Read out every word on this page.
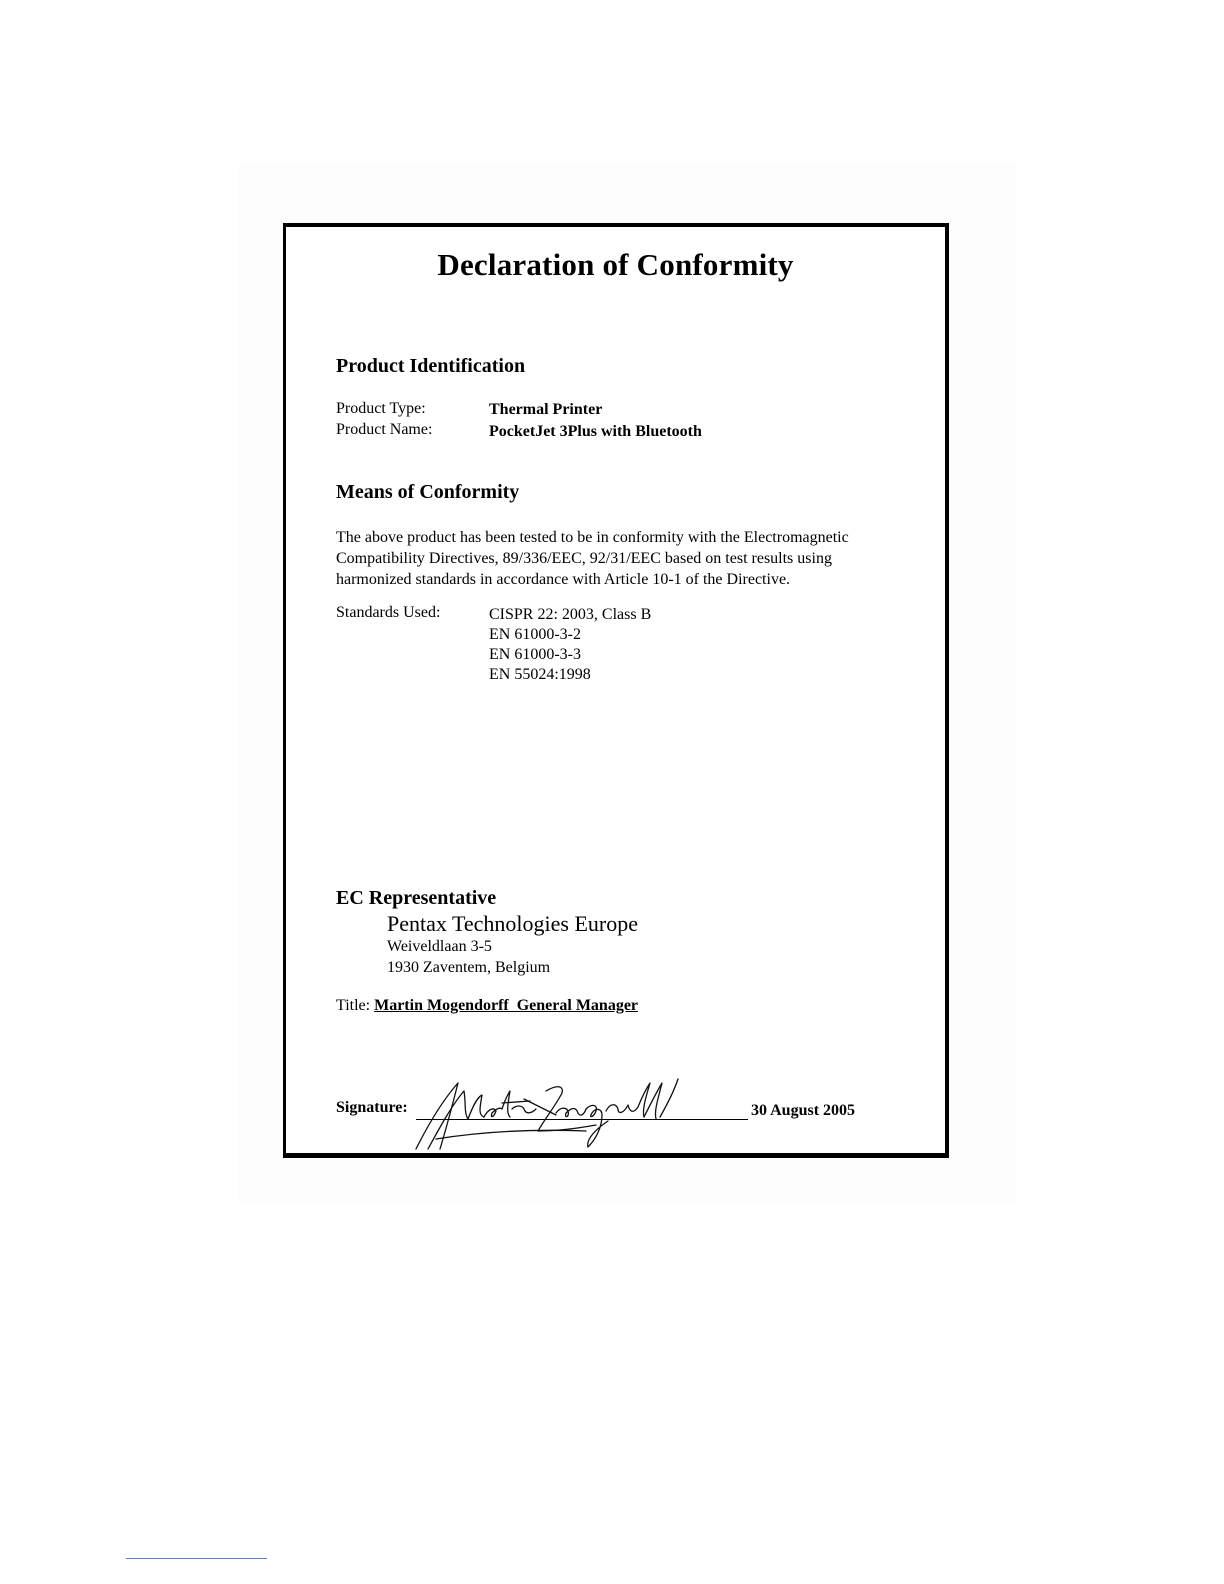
Declaration of Conformity
Product Identification
Product Type:	Thermal Printer
Product Name:	PocketJet 3Plus with Bluetooth
Means of Conformity

The above product has been tested to be in conformity with the Electromagnetic Compatibility Directives, 89/336/EEC, 92/31/EEC based on test results using harmonized standards in accordance with Article 10-1 of the Directive.

Standards Used:	CISPR 22: 2003, Class B
EN 61000-3-2
EN 61000-3-3
EN 55024:1998
EC Representative
Pentax Technologies Europe
Weiveldlaan 3-5
1930 Zaventem, Belgium
Title: Martin Mogendorff  General Manager
Signature:	30 August 2005
